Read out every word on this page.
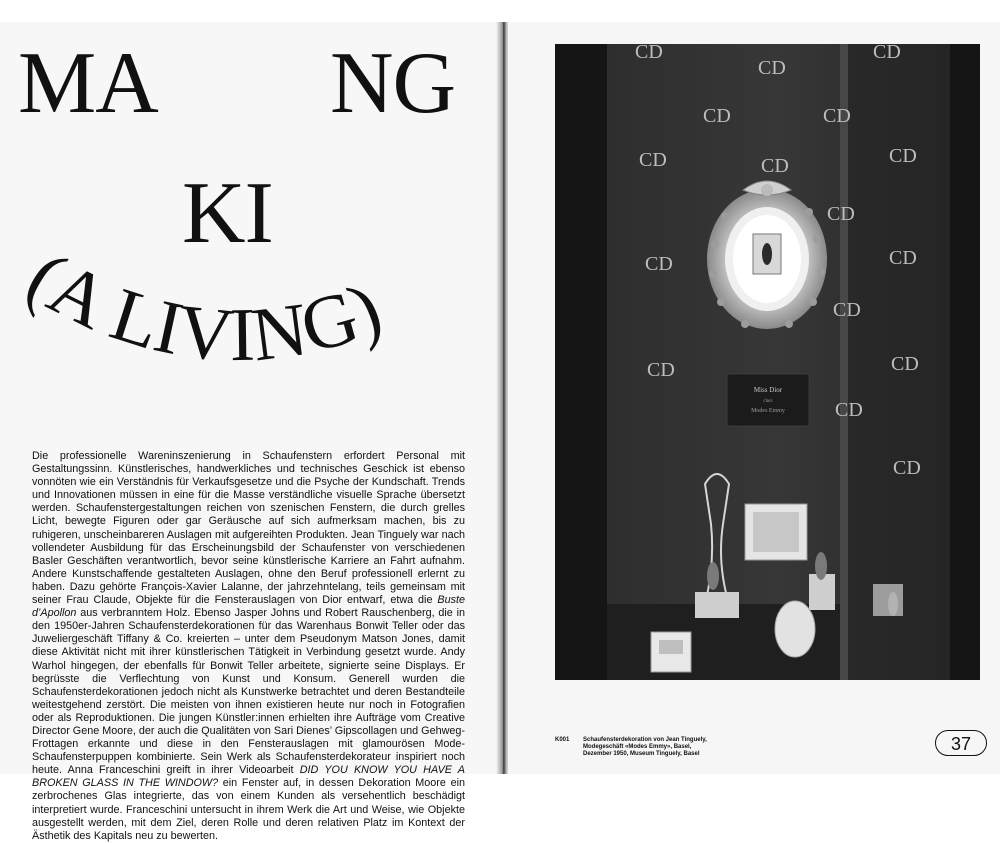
MA NG
KI
(A LIVING)

Die professionelle Wareninszenierung in Schaufenstern erfordert Personal mit Gestaltungssinn. Künstlerisches, handwerkliches und technisches Geschick ist ebenso vonnöten wie ein Verständnis für Verkaufsgesetze und die Psyche der Kundschaft. Trends und Innovationen müssen in eine für die Masse verständliche visuelle Sprache übersetzt werden. Schaufenstergestaltungen reichen von szenischen Fenstern, die durch grelles Licht, bewegte Figuren oder gar Geräusche auf sich aufmerksam machen, bis zu ruhigeren, unscheinbareren Auslagen mit aufgereihten Produkten. Jean Tinguely war nach vollendeter Ausbildung für das Erscheinungsbild der Schaufenster von verschiedenen Basler Geschäften verantwortlich, bevor seine künstlerische Karriere an Fahrt aufnahm. Andere Kunstschaffende gestalteten Auslagen, ohne den Beruf professionell erlernt zu haben. Dazu gehörte François-Xavier Lalanne, der jahrzehntelang, teils gemeinsam mit seiner Frau Claude, Objekte für die Fensterauslagen von Dior entwarf, etwa die Buste d’Apollon aus verbranntem Holz. Ebenso Jasper Johns und Robert Rauschenberg, die in den 1950er-Jahren Schaufensterdekorationen für das Warenhaus Bonwit Teller oder das Juweliergeschäft Tiffany & Co. kreierten – unter dem Pseudonym Matson Jones, damit diese Aktivität nicht mit ihrer künstlerischen Tätigkeit in Verbindung gesetzt wurde. Andy Warhol hingegen, der ebenfalls für Bonwit Teller arbeitete, signierte seine Displays. Er begrüsste die Verflechtung von Kunst und Konsum. Generell wurden die Schaufensterdekorationen jedoch nicht als Kunstwerke betrachtet und deren Bestandteile weitestgehend zerstört. Die meisten von ihnen existieren heute nur noch in Fotografien oder als Reproduktionen. Die jungen Künstler:innen erhielten ihre Aufträge vom Creative Director Gene Moore, der auch die Qualitäten von Sari Dienes’ Gipscollagen und Gehweg-Frottagen erkannte und diese in den Fensterauslagen mit glamourösen Mode-Schaufensterpuppen kombinierte. Sein Werk als Schaufensterdekorateur inspiriert noch heute. Anna Franceschini greift in ihrer Videoarbeit DID YOU KNOW YOU HAVE A BROKEN GLASS IN THE WINDOW? ein Fenster auf, in dessen Dekoration Moore ein zerbrochenes Glas integrierte, das von einem Kunden als versehentlich beschädigt interpretiert wurde. Franceschini untersucht in ihrem Werk die Art und Weise, wie Objekte ausgestellt werden, mit dem Ziel, deren Rolle und deren relativen Platz im Kontext der Ästhetik des Kapitals neu zu bewerten.

CD
CD
CD
CD	CD
CD	CD	CD
CD
CD	CD
CD
CD	CD
CD
CD
Miss Dior
chez
Modes Emmy
K001 Schaufensterdekoration von Jean Tinguely,
Modegeschäft «Modes Emmy», Basel,
Dezember 1950, Museum Tinguely, Basel	37
